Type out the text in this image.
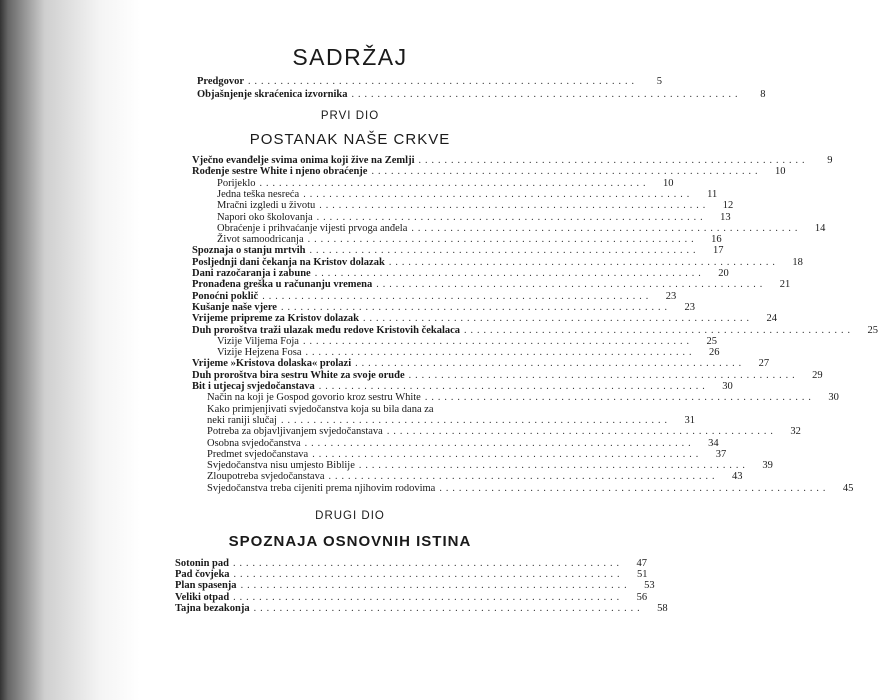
SADRŽAJ
PRVI DIO
POSTANAK NAŠE CRKVE
DRUGI DIO
SPOZNAJA OSNOVNIH ISTINA
Predgovor ............................................................	5
Objašnjenje skraćenica izvornika ............................................................	8
Vječno evanđelje svima onima koji žive na Zemlji ............................................................	9
Rođenje sestre White i njeno obraćenje ............................................................	10
Porijeklo ............................................................	10
Jedna teška nesreća ............................................................	11
Mračni izgledi u životu ............................................................	12
Napori oko školovanja ............................................................	13
Obraćenje i prihvaćanje vijesti prvoga anđela ............................................................	14
Život samoodricanja ............................................................	16
Spoznaja o stanju mrtvih ............................................................	17
Posljednji dani čekanja na Kristov dolazak ............................................................	18
Dani razočaranja i zabune ............................................................	20
Pronađena greška u računanju vremena ............................................................	21
Ponoćni poklič ............................................................	23
Kušanje naše vjere ............................................................	23
Vrijeme pripreme za Kristov dolazak ............................................................	24
Duh proroštva traži ulazak među redove Kristovih čekalaca ............................................................	25
Vizije Viljema Foja ............................................................	25
Vizije Hejzena Fosa ............................................................	26
Vrijeme »Kristova dolaska« prolazi ............................................................	27
Duh proroštva bira sestru White za svoje oruđe ............................................................	29
Bit i utjecaj svjedočanstava ............................................................	30
Način na koji je Gospod govorio kroz sestru White ............................................................	30
Kako primjenjivati svjedočanstva koja su bila dana za
neki raniji slučaj ............................................................	31
Potreba za objavljivanjem svjedočanstava ............................................................	32
Osobna svjedočanstva ............................................................	34
Predmet svjedočanstava ............................................................	37
Svjedočanstva nisu umjesto Biblije ............................................................	39
Zloupotreba svjedočanstava ............................................................	43
Svjedočanstva treba cijeniti prema njihovim rodovima ............................................................	45
Sotonin pad ............................................................	47
Pad čovjeka ............................................................	51
Plan spasenja ............................................................	53
Veliki otpad ............................................................	56
Tajna bezakonja ............................................................	58
